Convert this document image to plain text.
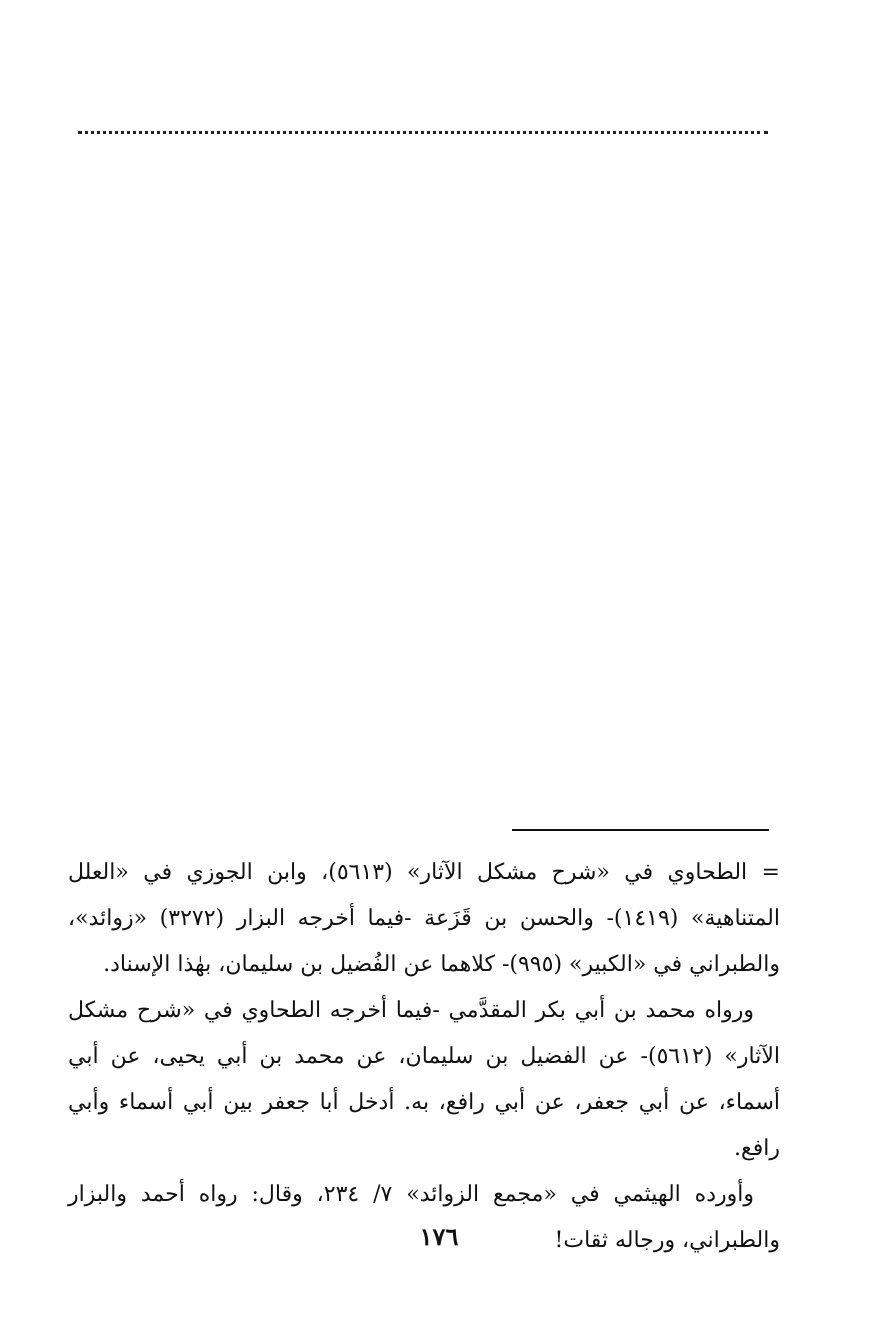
= الطحاوي في «شرح مشكل الآثار» (٥٦١٣)، وابن الجوزي في «العلل المتناهية» (١٤١٩)- والحسن بن قَزَعة -فيما أخرجه البزار (٣٢٧٢) «زوائد»، والطبراني في «الكبير» (٩٩٥)- كلاهما عن الفُضيل بن سليمان، بهٰذا الإسناد.

ورواه محمد بن أبي بكر المقدَّمي -فيما أخرجه الطحاوي في «شرح مشكل الآثار» (٥٦١٢)- عن الفضيل بن سليمان، عن محمد بن أبي يحيى، عن أبي أسماء، عن أبي جعفر، عن أبي رافع، به. أدخل أبا جعفر بين أبي أسماء وأبي رافع.

وأورده الهيثمي في «مجمع الزوائد» ٧/ ٢٣٤، وقال: رواه أحمد والبزار والطبراني، ورجاله ثقات!

١٧٦
